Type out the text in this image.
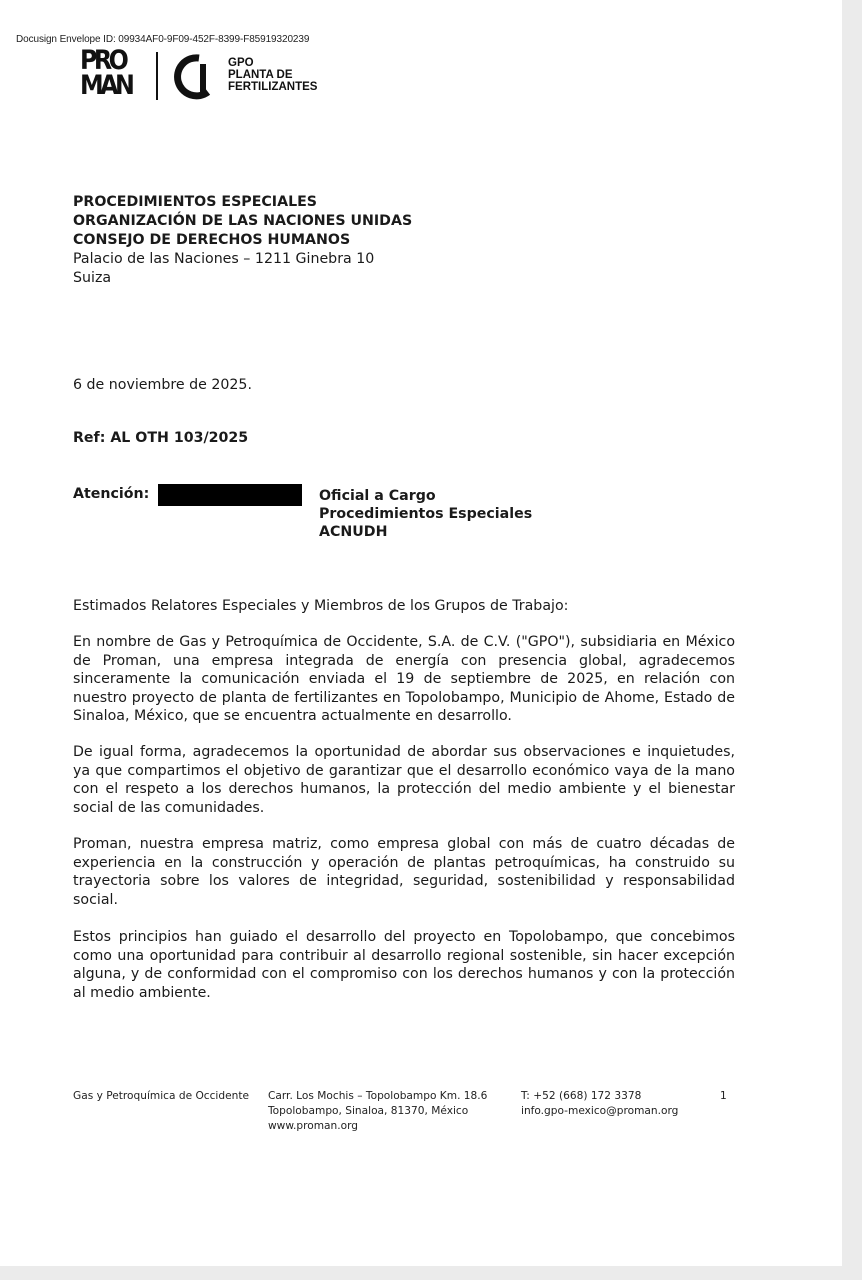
Docusign Envelope ID: 09934AF0-9F09-452F-8399-F85919320239
PRO
MAN
GPO
PLANTA DE
FERTILIZANTES
PROCEDIMIENTOS ESPECIALES
ORGANIZACIÓN DE LAS NACIONES UNIDAS
CONSEJO DE DERECHOS HUMANOS
Palacio de las Naciones – 1211 Ginebra 10
Suiza
6 de noviembre de 2025.
Ref: AL OTH 103/2025
Atención:	Oficial a Cargo
Procedimientos Especiales
ACNUDH
Estimados Relatores Especiales y Miembros de los Grupos de Trabajo:
En nombre de Gas y Petroquímica de Occidente, S.A. de C.V. ("GPO"), subsidiaria en México de Proman, una empresa integrada de energía con presencia global, agradecemos sinceramente la comunicación enviada el 19 de septiembre de 2025, en relación con nuestro proyecto de planta de fertilizantes en Topolobampo, Municipio de Ahome, Estado de Sinaloa, México, que se encuentra actualmente en desarrollo.
De igual forma, agradecemos la oportunidad de abordar sus observaciones e inquietudes, ya que compartimos el objetivo de garantizar que el desarrollo económico vaya de la mano con el respeto a los derechos humanos, la protección del medio ambiente y el bienestar social de las comunidades.
Proman, nuestra empresa matriz, como empresa global con más de cuatro décadas de experiencia en la construcción y operación de plantas petroquímicas, ha construido su trayectoria sobre los valores de integridad, seguridad, sostenibilidad y responsabilidad social.
Estos principios han guiado el desarrollo del proyecto en Topolobampo, que concebimos como una oportunidad para contribuir al desarrollo regional sostenible, sin hacer excepción alguna, y de conformidad con el compromiso con los derechos humanos y con la protección al medio ambiente.
Gas y Petroquímica de Occidente Carr. Los Mochis – Topolobampo Km. 18.6
Topolobampo, Sinaloa, 81370, México
www.proman.org
T: +52 (668) 172 3378
info.gpo-mexico@proman.org
1
